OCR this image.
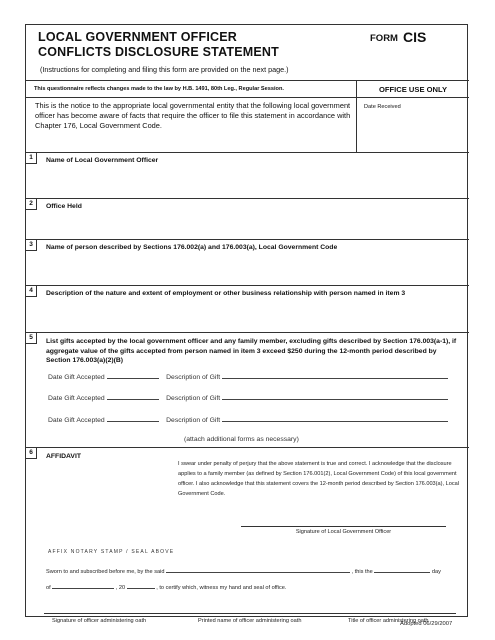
LOCAL GOVERNMENT OFFICER
CONFLICTS DISCLOSURE STATEMENT
(Instructions for completing and filing this form are provided on the next page.)
FORM CIS
This questionnaire reflects changes made to the law by H.B. 1491, 80th Leg., Regular Session.

This is the notice to the appropriate local governmental entity that the following local government officer has become aware of facts that require the officer to file this statement in accordance with Chapter 176, Local Government Code.

OFFICE USE ONLY
Date Received
1	Name of Local Government Officer
2	Office Held
3	Name of person described by Sections 176.002(a) and 176.003(a), Local Government Code
4	Description of the nature and extent of employment or other business relationship with person named in item 3
5
List gifts accepted by the local government officer and any family member, excluding gifts described by Section 176.003(a-1), if aggregate value of the gifts accepted from person named in item 3 exceed $250 during the 12-month period described by Section 176.003(a)(2)(B)
Date Gift Accepted	Description of Gift
Date Gift Accepted	Description of Gift
Date Gift Accepted	Description of Gift
(attach additional forms as necessary)
6
AFFIDAVIT
I swear under penalty of perjury that the above statement is true and correct. I acknowledge that the disclosure applies to a family member (as defined by Section 176.001(2), Local Government Code) of this local government officer. I also acknowledge that this statement covers the 12-month period described by Section 176.003(a), Local Government Code.
Signature of Local Government Officer
AFFIX NOTARY STAMP / SEAL ABOVE
Sworn to and subscribed before me, by the said	, this the	day
of	, 20	, to certify which, witness my hand and seal of office.
Signature of officer administering oath	Printed name of officer administering oath	Title of officer administering oath
Adopted 06/29/2007
